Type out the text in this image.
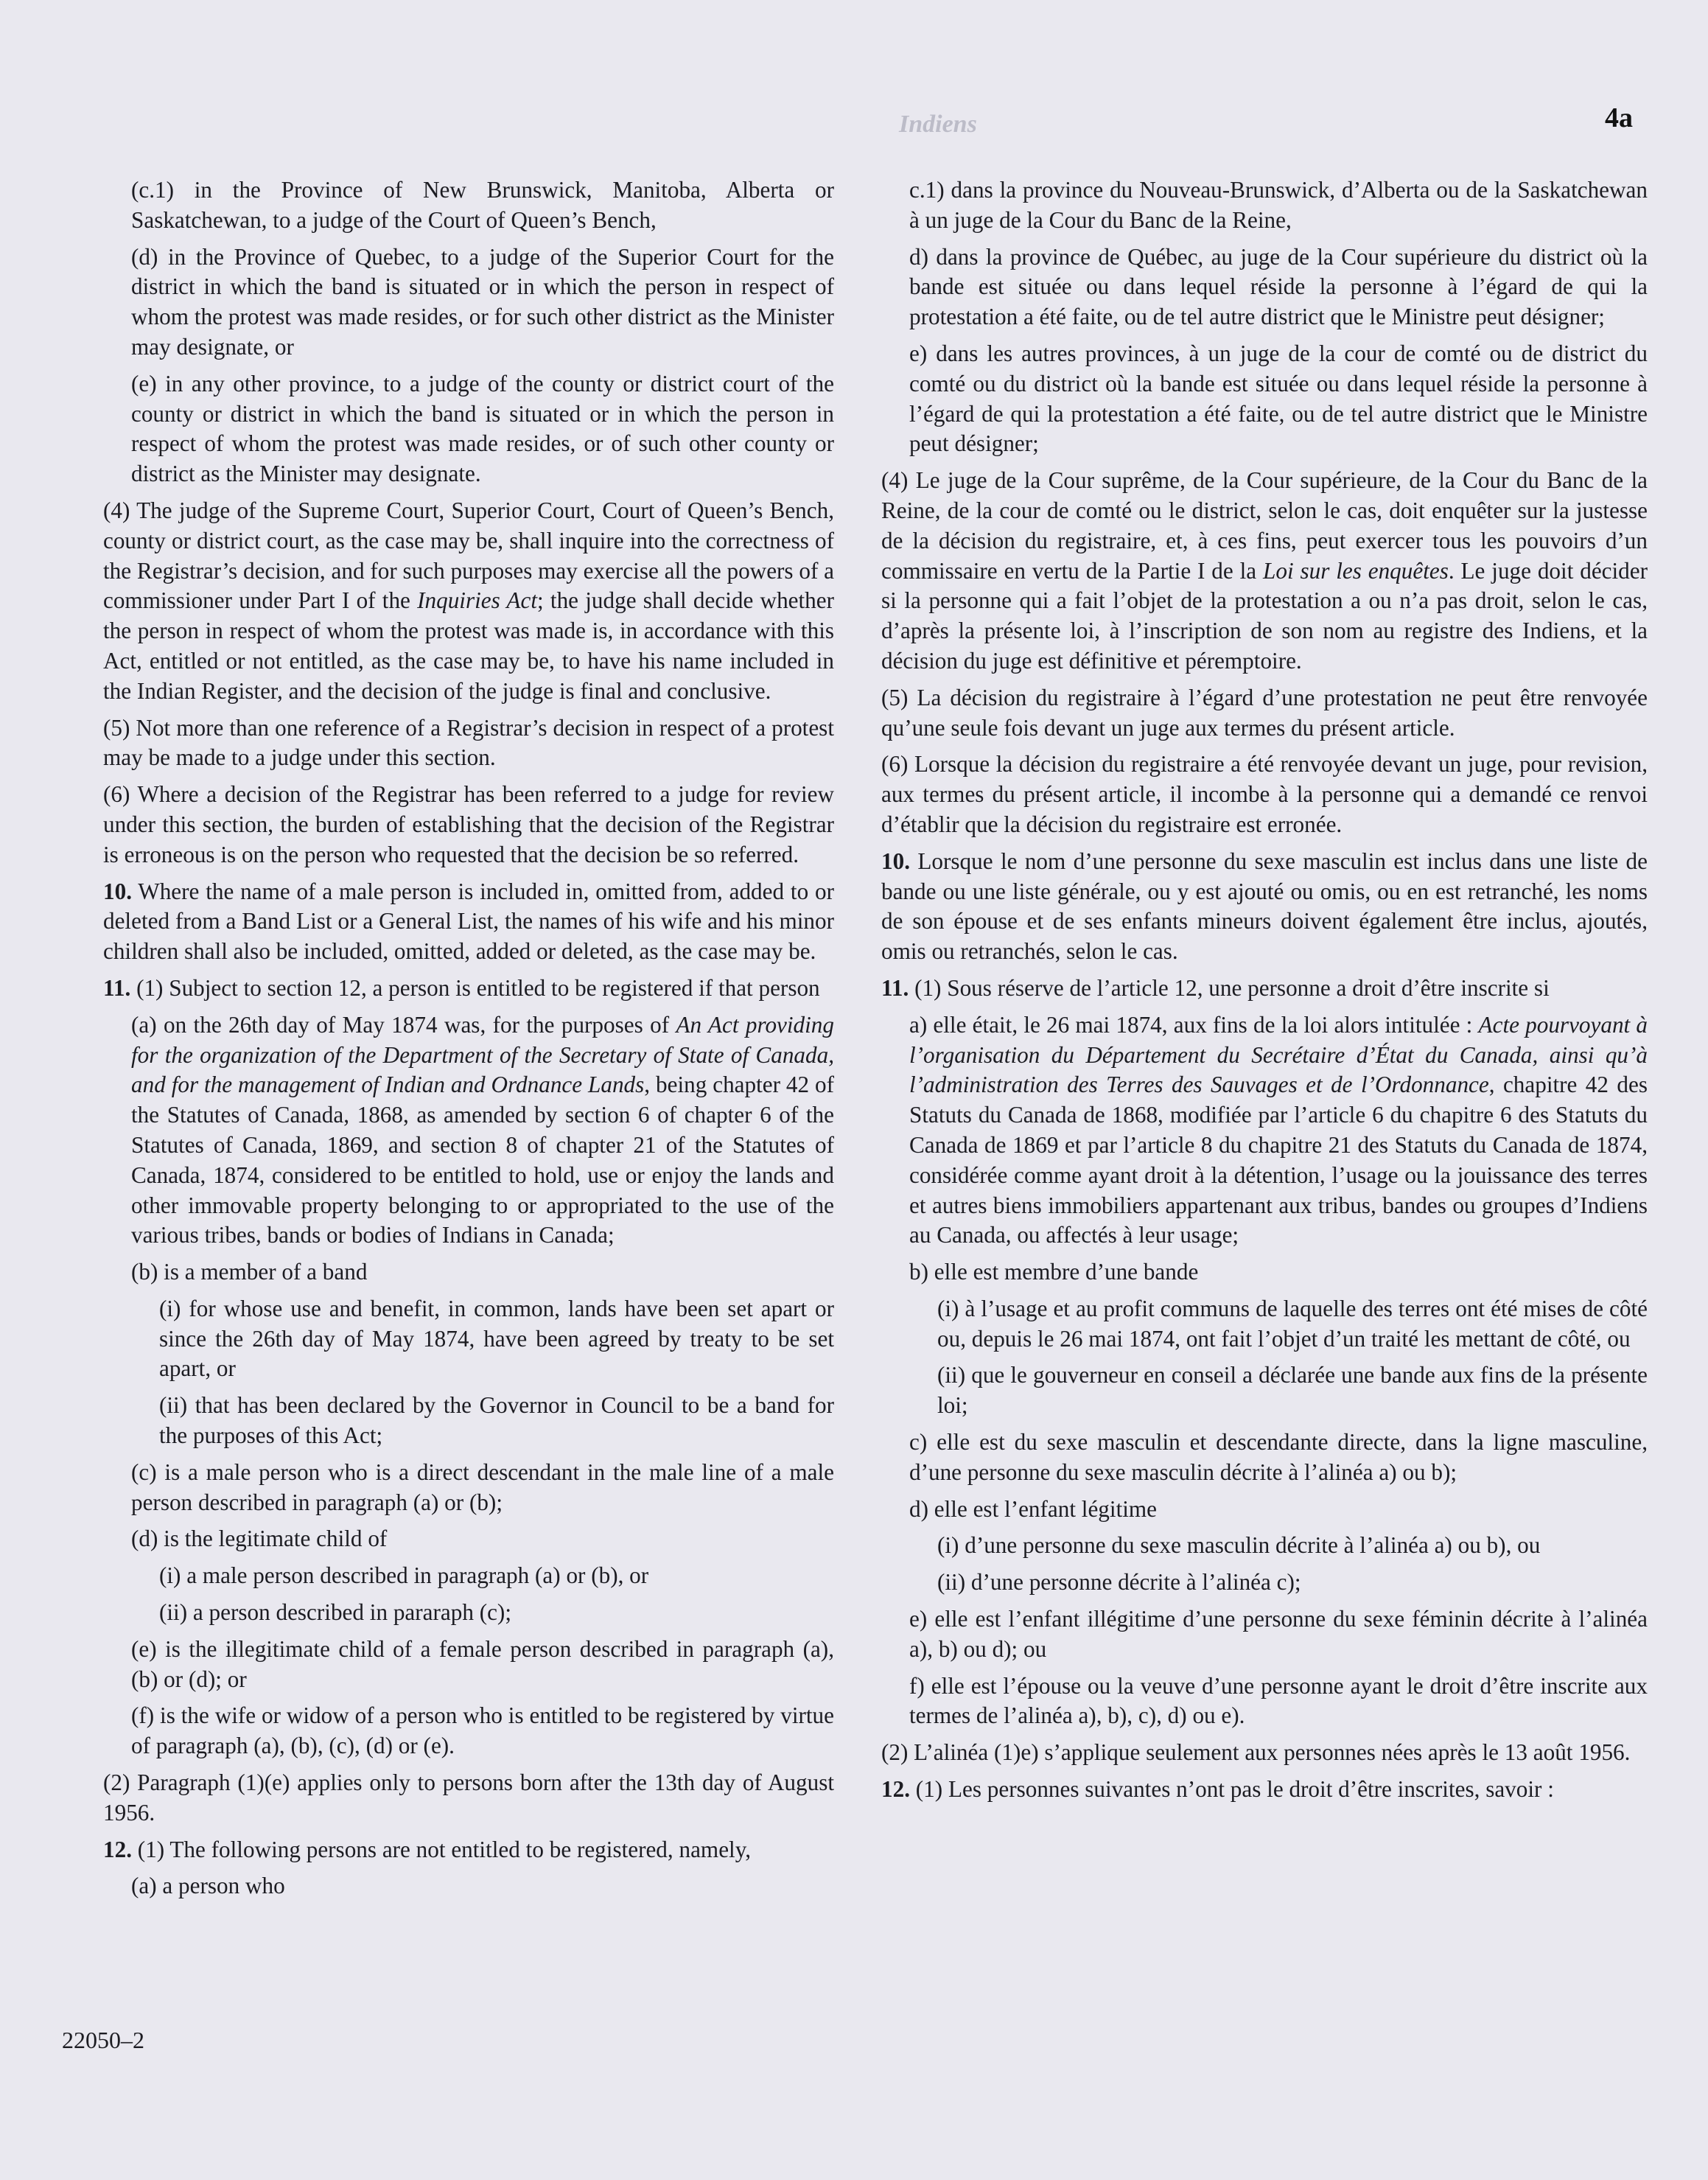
Indiens	4a

(c.1) in the Province of New Brunswick, Manitoba, Alberta or Saskatchewan, to a judge of the Court of Queen’s Bench,

(d) in the Province of Quebec, to a judge of the Superior Court for the district in which the band is situated or in which the person in respect of whom the protest was made resides, or for such other district as the Minister may designate, or

(e) in any other province, to a judge of the county or district court of the county or district in which the band is situated or in which the person in respect of whom the protest was made resides, or of such other county or district as the Minister may designate.

(4) The judge of the Supreme Court, Superior Court, Court of Queen’s Bench, county or district court, as the case may be, shall inquire into the correctness of the Registrar’s decision, and for such purposes may exercise all the powers of a commissioner under Part I of the Inquiries Act; the judge shall decide whether the person in respect of whom the protest was made is, in accordance with this Act, entitled or not entitled, as the case may be, to have his name included in the Indian Register, and the decision of the judge is final and conclusive.

(5) Not more than one reference of a Registrar’s decision in respect of a protest may be made to a judge under this section.

(6) Where a decision of the Registrar has been referred to a judge for review under this section, the burden of establishing that the decision of the Registrar is erroneous is on the person who requested that the decision be so referred.

10. Where the name of a male person is included in, omitted from, added to or deleted from a Band List or a General List, the names of his wife and his minor children shall also be included, omitted, added or deleted, as the case may be.

11. (1) Subject to section 12, a person is entitled to be registered if that person

(a) on the 26th day of May 1874 was, for the purposes of An Act providing for the organization of the Department of the Secretary of State of Canada, and for the management of Indian and Ordnance Lands, being chapter 42 of the Statutes of Canada, 1868, as amended by section 6 of chapter 6 of the Statutes of Canada, 1869, and section 8 of chapter 21 of the Statutes of Canada, 1874, considered to be entitled to hold, use or enjoy the lands and other immovable property belonging to or appropriated to the use of the various tribes, bands or bodies of Indians in Canada;

(b) is a member of a band

(i) for whose use and benefit, in common, lands have been set apart or since the 26th day of May 1874, have been agreed by treaty to be set apart, or

(ii) that has been declared by the Governor in Council to be a band for the purposes of this Act;

(c) is a male person who is a direct descendant in the male line of a male person described in paragraph (a) or (b);

(d) is the legitimate child of

(i) a male person described in paragraph (a) or (b), or

(ii) a person described in pararaph (c);

(e) is the illegitimate child of a female person described in paragraph (a), (b) or (d); or

(f) is the wife or widow of a person who is entitled to be registered by virtue of paragraph (a), (b), (c), (d) or (e).

(2) Paragraph (1)(e) applies only to persons born after the 13th day of August 1956.

12. (1) The following persons are not entitled to be registered, namely,

(a) a person who

c.1) dans la province du Nouveau-Brunswick, d’Alberta ou de la Saskatchewan à un juge de la Cour du Banc de la Reine,

d) dans la province de Québec, au juge de la Cour supérieure du district où la bande est située ou dans lequel réside la personne à l’égard de qui la protestation a été faite, ou de tel autre district que le Ministre peut désigner;

e) dans les autres provinces, à un juge de la cour de comté ou de district du comté ou du district où la bande est située ou dans lequel réside la personne à l’égard de qui la protestation a été faite, ou de tel autre district que le Ministre peut désigner;

(4) Le juge de la Cour suprême, de la Cour supérieure, de la Cour du Banc de la Reine, de la cour de comté ou le district, selon le cas, doit enquêter sur la justesse de la décision du registraire, et, à ces fins, peut exercer tous les pouvoirs d’un commissaire en vertu de la Partie I de la Loi sur les enquêtes. Le juge doit décider si la personne qui a fait l’objet de la protestation a ou n’a pas droit, selon le cas, d’après la présente loi, à l’inscription de son nom au registre des Indiens, et la décision du juge est définitive et péremptoire.

(5) La décision du registraire à l’égard d’une protestation ne peut être renvoyée qu’une seule fois devant un juge aux termes du présent article.

(6) Lorsque la décision du registraire a été renvoyée devant un juge, pour revision, aux termes du présent article, il incombe à la personne qui a demandé ce renvoi d’établir que la décision du registraire est erronée.

10. Lorsque le nom d’une personne du sexe masculin est inclus dans une liste de bande ou une liste générale, ou y est ajouté ou omis, ou en est retranché, les noms de son épouse et de ses enfants mineurs doivent également être inclus, ajoutés, omis ou retranchés, selon le cas.

11. (1) Sous réserve de l’article 12, une personne a droit d’être inscrite si

a) elle était, le 26 mai 1874, aux fins de la loi alors intitulée : Acte pourvoyant à l’organisation du Département du Secrétaire d’État du Canada, ainsi qu’à l’administration des Terres des Sauvages et de l’Ordonnance, chapitre 42 des Statuts du Canada de 1868, modifiée par l’article 6 du chapitre 6 des Statuts du Canada de 1869 et par l’article 8 du chapitre 21 des Statuts du Canada de 1874, considérée comme ayant droit à la détention, l’usage ou la jouissance des terres et autres biens immobiliers appartenant aux tribus, bandes ou groupes d’Indiens au Canada, ou affectés à leur usage;

b) elle est membre d’une bande

(i) à l’usage et au profit communs de laquelle des terres ont été mises de côté ou, depuis le 26 mai 1874, ont fait l’objet d’un traité les mettant de côté, ou

(ii) que le gouverneur en conseil a déclarée une bande aux fins de la présente loi;

c) elle est du sexe masculin et descendante directe, dans la ligne masculine, d’une personne du sexe masculin décrite à l’alinéa a) ou b);

d) elle est l’enfant légitime

(i) d’une personne du sexe masculin décrite à l’alinéa a) ou b), ou

(ii) d’une personne décrite à l’alinéa c);

e) elle est l’enfant illégitime d’une personne du sexe féminin décrite à l’alinéa a), b) ou d); ou

f) elle est l’épouse ou la veuve d’une personne ayant le droit d’être inscrite aux termes de l’alinéa a), b), c), d) ou e).

(2) L’alinéa (1)e) s’applique seulement aux personnes nées après le 13 août 1956.

12. (1) Les personnes suivantes n’ont pas le droit d’être inscrites, savoir :

22050–2
